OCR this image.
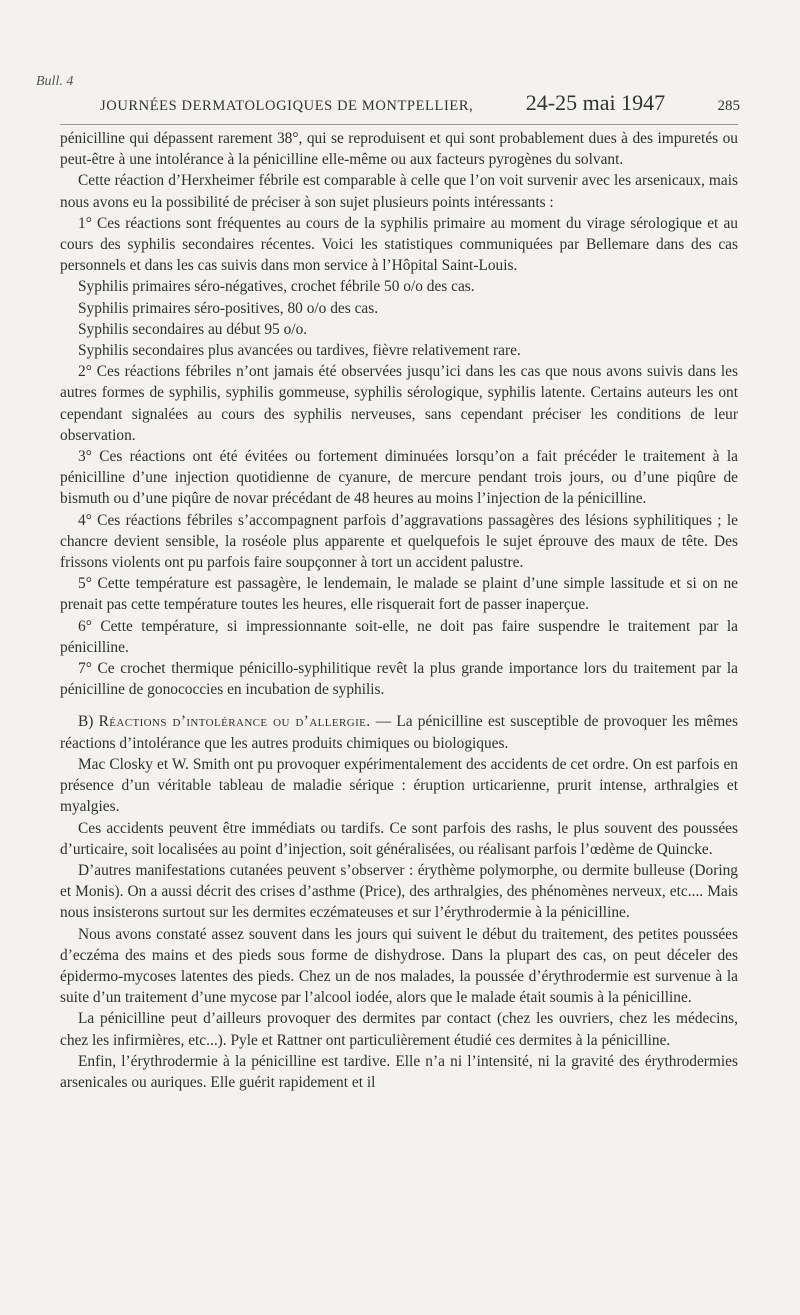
Bull. 4
JOURNÉES DERMATOLOGIQUES DE MONTPELLIER, 24-25 mai 1947	285

pénicilline qui dépassent rarement 38°, qui se reproduisent et qui sont probablement dues à des impuretés ou peut-être à une intolérance à la pénicilline elle-même ou aux facteurs pyrogènes du solvant.

Cette réaction d’Herxheimer fébrile est comparable à celle que l’on voit survenir avec les arsenicaux, mais nous avons eu la possibilité de préciser à son sujet plusieurs points intéressants :

1° Ces réactions sont fréquentes au cours de la syphilis primaire au moment du virage sérologique et au cours des syphilis secondaires récentes. Voici les statistiques communiquées par Bellemare dans des cas personnels et dans les cas suivis dans mon service à l’Hôpital Saint-Louis.

Syphilis primaires séro-négatives, crochet fébrile 50 o/o des cas.

Syphilis primaires séro-positives, 80 o/o des cas.

Syphilis secondaires au début 95 o/o.

Syphilis secondaires plus avancées ou tardives, fièvre relativement rare.

2° Ces réactions fébriles n’ont jamais été observées jusqu’ici dans les cas que nous avons suivis dans les autres formes de syphilis, syphilis gommeuse, syphilis sérologique, syphilis latente. Certains auteurs les ont cependant signalées au cours des syphilis nerveuses, sans cependant préciser les conditions de leur observation.

3° Ces réactions ont été évitées ou fortement diminuées lorsqu’on a fait précéder le traitement à la pénicilline d’une injection quotidienne de cyanure, de mercure pendant trois jours, ou d’une piqûre de bismuth ou d’une piqûre de novar précédant de 48 heures au moins l’injection de la pénicilline.

4° Ces réactions fébriles s’accompagnent parfois d’aggravations passagères des lésions syphilitiques ; le chancre devient sensible, la roséole plus apparente et quelquefois le sujet éprouve des maux de tête. Des frissons violents ont pu parfois faire soupçonner à tort un accident palustre.

5° Cette température est passagère, le lendemain, le malade se plaint d’une simple lassitude et si on ne prenait pas cette température toutes les heures, elle risquerait fort de passer inaperçue.

6° Cette température, si impressionnante soit-elle, ne doit pas faire suspendre le traitement par la pénicilline.

7° Ce crochet thermique pénicillo-syphilitique revêt la plus grande importance lors du traitement par la pénicilline de gonococcies en incubation de syphilis.

B) Réactions d’intolérance ou d’allergie. — La pénicilline est susceptible de provoquer les mêmes réactions d’intolérance que les autres produits chimiques ou biologiques.

Mac Closky et W. Smith ont pu provoquer expérimentalement des accidents de cet ordre. On est parfois en présence d’un véritable tableau de maladie sérique : éruption urticarienne, prurit intense, arthralgies et myalgies.

Ces accidents peuvent être immédiats ou tardifs. Ce sont parfois des rashs, le plus souvent des poussées d’urticaire, soit localisées au point d’injection, soit généralisées, ou réalisant parfois l’œdème de Quincke.

D’autres manifestations cutanées peuvent s’observer : érythème polymorphe, ou dermite bulleuse (Doring et Monis). On a aussi décrit des crises d’asthme (Price), des arthralgies, des phénomènes nerveux, etc.... Mais nous insisterons surtout sur les dermites eczémateuses et sur l’érythrodermie à la pénicilline.

Nous avons constaté assez souvent dans les jours qui suivent le début du traitement, des petites poussées d’eczéma des mains et des pieds sous forme de dishydrose. Dans la plupart des cas, on peut déceler des épidermo-mycoses latentes des pieds. Chez un de nos malades, la poussée d’érythrodermie est survenue à la suite d’un traitement d’une mycose par l’alcool iodée, alors que le malade était soumis à la pénicilline.

La pénicilline peut d’ailleurs provoquer des dermites par contact (chez les ouvriers, chez les médecins, chez les infirmières, etc...). Pyle et Rattner ont particulièrement étudié ces dermites à la pénicilline.

Enfin, l’érythrodermie à la pénicilline est tardive. Elle n’a ni l’intensité, ni la gravité des érythrodermies arsenicales ou auriques. Elle guérit rapidement et il
